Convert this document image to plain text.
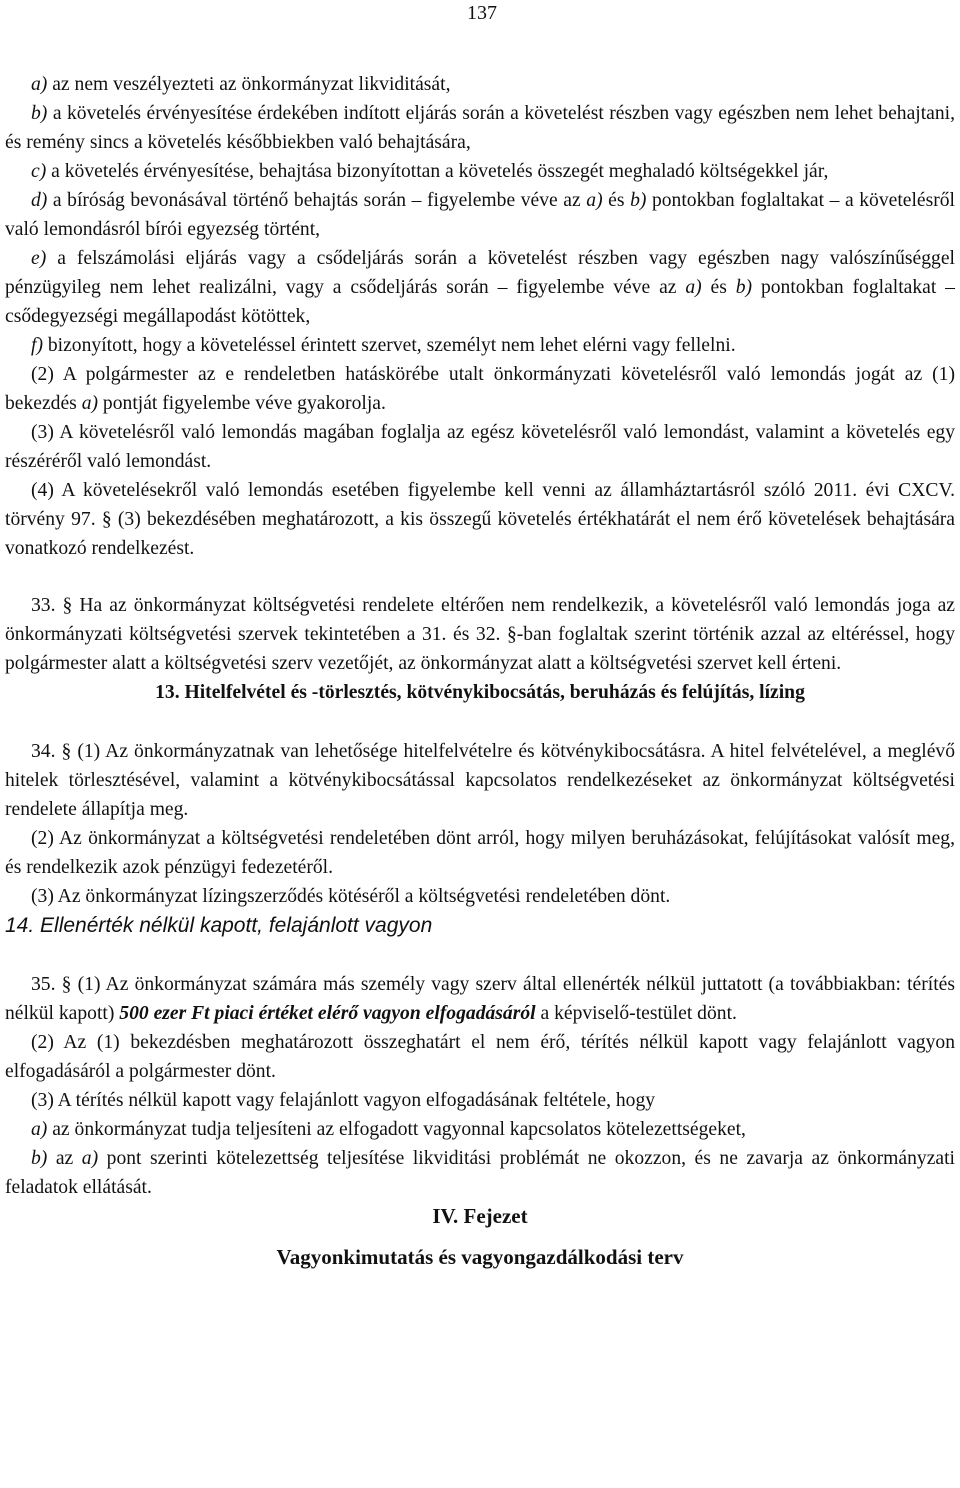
137

a) az nem veszélyezteti az önkormányzat likviditását,

b) a követelés érvényesítése érdekében indított eljárás során a követelést részben vagy egészben nem lehet behajtani, és remény sincs a követelés későbbiekben való behajtására,

c) a követelés érvényesítése, behajtása bizonyítottan a követelés összegét meghaladó költségekkel jár,

d) a bíróság bevonásával történő behajtás során – figyelembe véve az a) és b) pontokban foglaltakat – a követelésről való lemondásról bírói egyezség történt,

e) a felszámolási eljárás vagy a csődeljárás során a követelést részben vagy egészben nagy valószínűséggel pénzügyileg nem lehet realizálni, vagy a csődeljárás során – figyelembe véve az a) és b) pontokban foglaltakat – csődegyezségi megállapodást kötöttek,

f) bizonyított, hogy a követeléssel érintett szervet, személyt nem lehet elérni vagy fellelni.

(2) A polgármester az e rendeletben hatáskörébe utalt önkormányzati követelésről való lemondás jogát az (1) bekezdés a) pontját figyelembe véve gyakorolja.

(3) A követelésről való lemondás magában foglalja az egész követelésről való lemondást, valamint a követelés egy részéréről való lemondást.

(4) A követelésekről való lemondás esetében figyelembe kell venni az államháztartásról szóló 2011. évi CXCV. törvény 97. § (3) bekezdésében meghatározott, a kis összegű követelés értékhatárát el nem érő követelések behajtására vonatkozó rendelkezést.

33. § Ha az önkormányzat költségvetési rendelete eltérően nem rendelkezik, a követelésről való lemondás joga az önkormányzati költségvetési szervek tekintetében a 31. és 32. §-ban foglaltak szerint történik azzal az eltéréssel, hogy polgármester alatt a költségvetési szerv vezetőjét, az önkormányzat alatt a költségvetési szervet kell érteni.

13. Hitelfelvétel és -törlesztés, kötvénykibocsátás, beruházás és felújítás, lízing

34. § (1) Az önkormányzatnak van lehetősége hitelfelvételre és kötvénykibocsátásra. A hitel felvételével, a meglévő hitelek törlesztésével, valamint a kötvénykibocsátással kapcsolatos rendelkezéseket az önkormányzat költségvetési rendelete állapítja meg.

(2) Az önkormányzat a költségvetési rendeletében dönt arról, hogy milyen beruházásokat, felújításokat valósít meg, és rendelkezik azok pénzügyi fedezetéről.

(3) Az önkormányzat lízingszerződés kötéséről a költségvetési rendeletében dönt.

14. Ellenérték nélkül kapott, felajánlott vagyon

35. § (1) Az önkormányzat számára más személy vagy szerv által ellenérték nélkül juttatott (a továbbiakban: térítés nélkül kapott) 500 ezer Ft piaci értéket elérő vagyon elfogadásáról a képviselő-testület dönt.

(2) Az (1) bekezdésben meghatározott összeghatárt el nem érő, térítés nélkül kapott vagy felajánlott vagyon elfogadásáról a polgármester dönt.

(3) A térítés nélkül kapott vagy felajánlott vagyon elfogadásának feltétele, hogy

a) az önkormányzat tudja teljesíteni az elfogadott vagyonnal kapcsolatos kötelezettségeket,

b) az a) pont szerinti kötelezettség teljesítése likviditási problémát ne okozzon, és ne zavarja az önkormányzati feladatok ellátását.

IV. Fejezet

Vagyonkimutatás és vagyongazdálkodási terv
